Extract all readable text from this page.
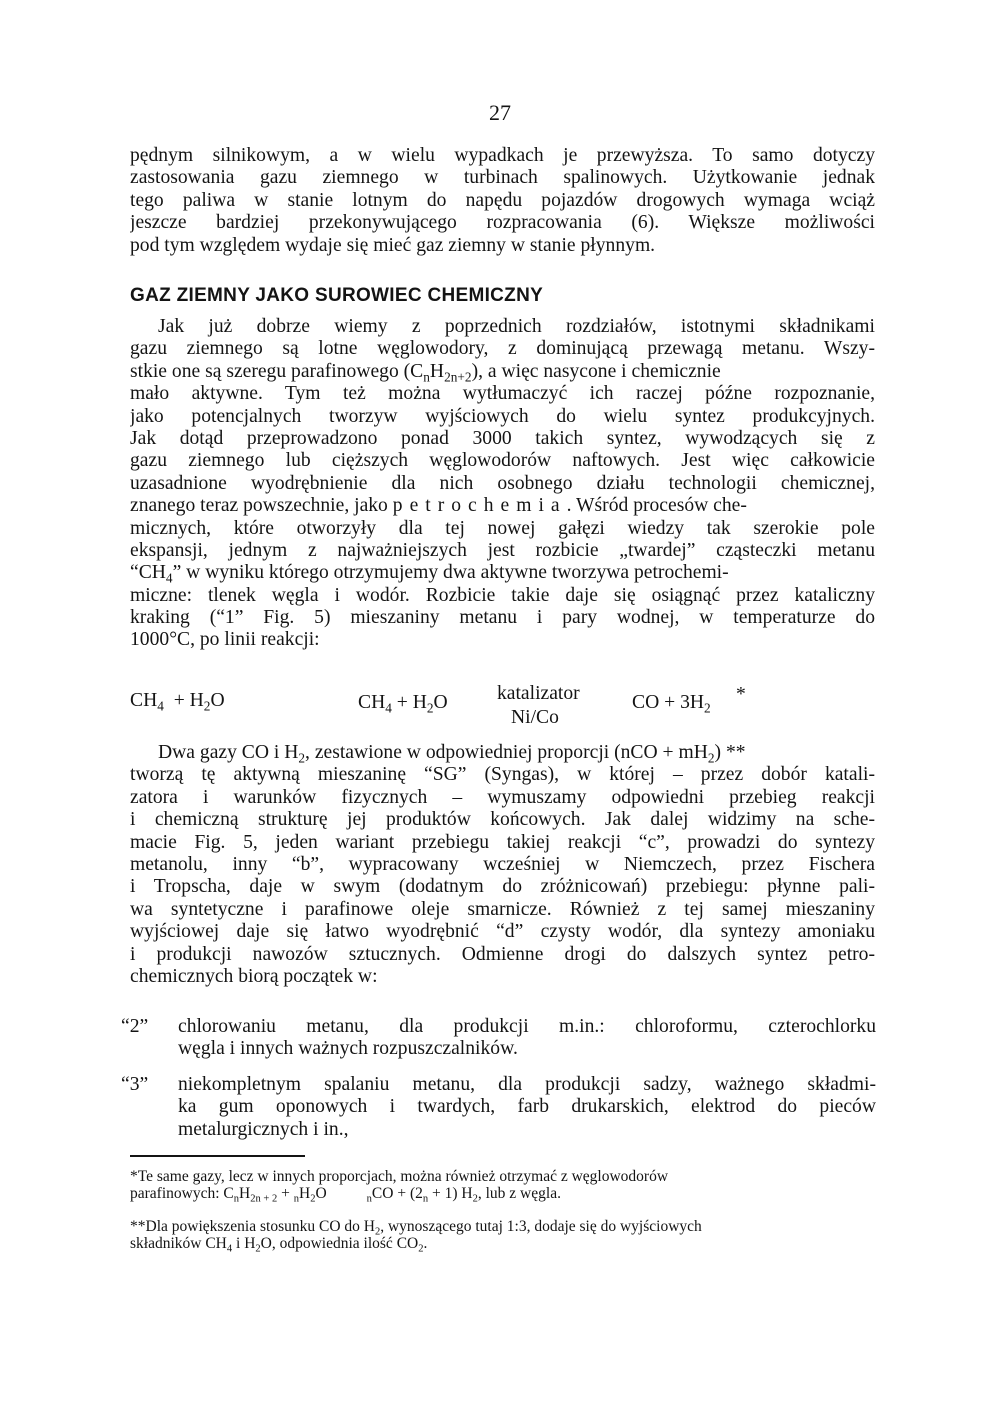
27
pędnym silnikowym, a w wielu wypadkach je przewyższa. To samo dotyczy
zastosowania gazu ziemnego w turbinach spalinowych. Użytkowanie jednak
tego paliwa w stanie lotnym do napędu pojazdów drogowych wymaga wciąż
jeszcze bardziej przekonywującego rozpracowania (6). Większe możliwości
pod tym względem wydaje się mieć gaz ziemny w stanie płynnym.
GAZ ZIEMNY JAKO SUROWIEC CHEMICZNY
Jak już dobrze wiemy z poprzednich rozdziałów, istotnymi składnikami
gazu ziemnego są lotne węglowodory, z dominującą przewagą metanu. Wszy-
stkie one są szeregu parafinowego $(C_nH_{2n+2})$, a więc nasycone i chemicznie
mało aktywne. Tym też można wytłumaczyć ich raczej późne rozpoznanie,
jako potencjalnych tworzyw wyjściowych do wielu syntez produkcyjnych.
Jak dotąd przeprowadzono ponad 3000 takich syntez, wywodzących się z
gazu ziemnego lub cięższych węglowodorów naftowych. Jest więc całkowicie
uzasadnione wyodrębnienie dla nich osobnego działu technologii chemicznej,
znanego teraz powszechnie, jako petrochemia. Wśród procesów che-
micznych, które otworzyły dla tej nowej gałęzi wiedzy tak szerokie pole
ekspansji, jednym z najważniejszych jest rozbicie „twardej” cząsteczki metanu
“$CH_4$” w wyniku którego otrzymujemy dwa aktywne tworzywa petrochemi-
miczne: tlenek węgla i wodór. Rozbicie takie daje się osiągnąć przez kataliczny
kraking (“1” Fig. 5) mieszaniny metanu i pary wodnej, w temperaturze do
1000°C, po linii reakcji:
$CH_4 + H_2O$	$CH_4 + H_2O$	katalizator
Ni/Co
CO + $3H_2$
*
Dwa gazy CO i $H_2$, zestawione w odpowiedniej proporcji $(nCO + mH_2)$ **
tworzą tę aktywną mieszaninę “SG” (Syngas), w której – przez dobór katali-
zatora i warunków fizycznych – wymuszamy odpowiedni przebieg reakcji
i chemiczną strukturę jej produktów końcowych. Jak dalej widzimy na sche-
macie Fig. 5, jeden wariant przebiegu takiej reakcji “c”, prowadzi do syntezy
metanolu, inny “b”, wypracowany wcześniej w Niemczech, przez Fischera
i Tropscha, daje w swym (dodatnym do zróżnicowań) przebiegu: płynne pali-
wa syntetyczne i parafinowe oleje smarnicze. Również z tej samej mieszaniny
wyjściowej daje się łatwo wyodrębnić “d” czysty wodór, dla syntezy amoniaku
i produkcji nawozów sztucznych. Odmienne drogi do dalszych syntez petro-
chemicznych biorą początek w:
“2” chlorowaniu metanu, dla produkcji m.in.: chloroformu, czterochlorku
węgla i innych ważnych rozpuszczalników.
“3” niekompletnym spalaniu metanu, dla produkcji sadzy, ważnego składmi-
ka gum oponowych i twardych, farb drukarskich, elektrod do pieców
metalurgicznych i in.,
*Te same gazy, lecz w innych proporcjach, można również otrzymać z węglowodorów
parafinowych: $C_nH_{2n + 2} + _nH_2O$	$_nCO + (2_n + 1)$ $H_2$, lub z węgla.
**Dla powiększenia stosunku CO do $H_2$, wynoszącego tutaj 1:3, dodaje się do wyjściowych
składników $CH_4$ i $H_2O$, odpowiednia ilość $CO_2$.
